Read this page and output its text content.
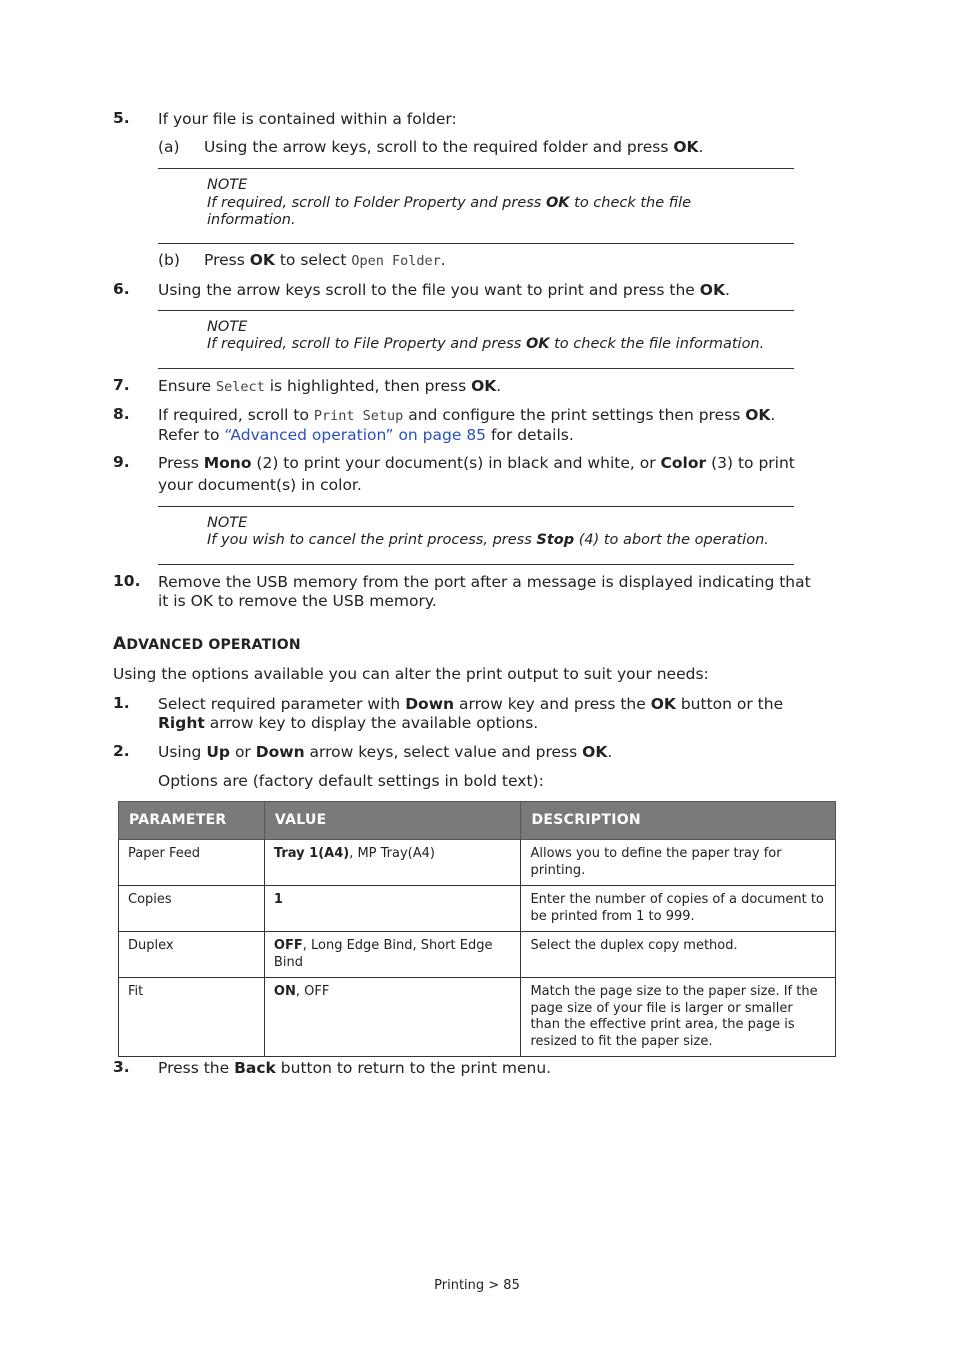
5. If your file is contained within a folder:
(a) Using the arrow keys, scroll to the required folder and press OK.
NOTE
If required, scroll to Folder Property and press OK to check the file
information.
(b) Press OK to select Open Folder.
6. Using the arrow keys scroll to the file you want to print and press the OK.
NOTE
If required, scroll to File Property and press OK to check the file information.
7. Ensure Select is highlighted, then press OK.
8. If required, scroll to Print Setup and configure the print settings then press OK.
Refer to “Advanced operation” on page 85 for details.
9. Press Mono (2) to print your document(s) in black and white, or Color (3) to print
your document(s) in color.
NOTE
If you wish to cancel the print process, press Stop (4) to abort the operation.
10. Remove the USB memory from the port after a message is displayed indicating that
it is OK to remove the USB memory.
ADVANCED OPERATION
Using the options available you can alter the print output to suit your needs:
1. Select required parameter with Down arrow key and press the OK button or the
Right arrow key to display the available options.
2. Using Up or Down arrow keys, select value and press OK.
Options are (factory default settings in bold text):
PARAMETER	VALUE	DESCRIPTION
Paper Feed	Tray 1(A4), MP Tray(A4)	Allows you to define the paper tray for printing.
Copies	1	Enter the number of copies of a document to be printed from 1 to 999.
Duplex	OFF, Long Edge Bind, Short Edge Bind	Select the duplex copy method.
Fit	ON, OFF	Match the page size to the paper size. If the page size of your file is larger or smaller than the effective print area, the page is resized to fit the paper size.
3. Press the Back button to return to the print menu.
Printing > 85
